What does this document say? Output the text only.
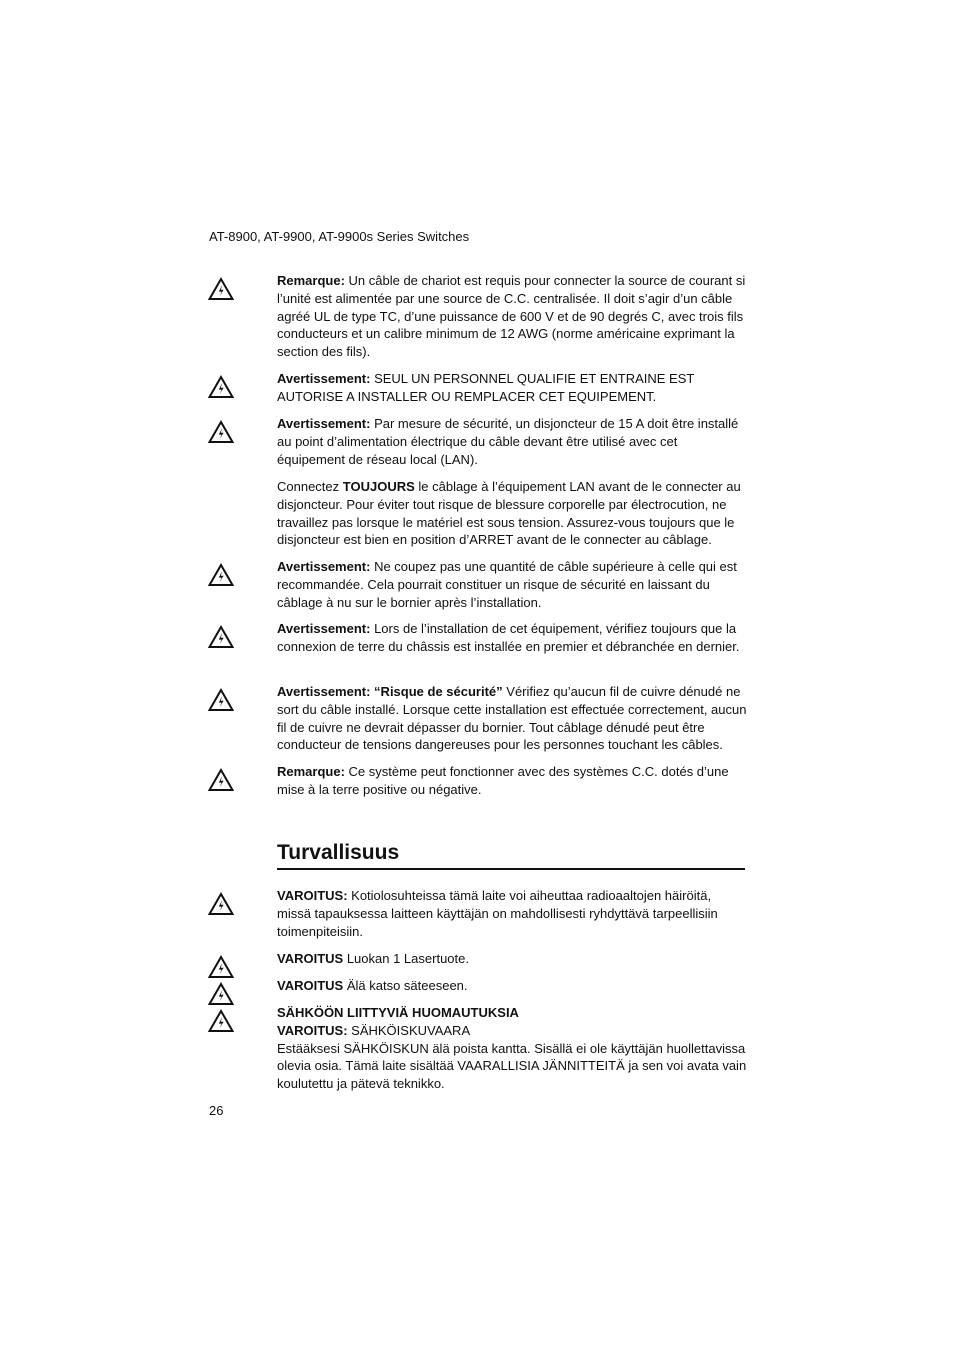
AT-8900, AT-9900, AT-9900s Series Switches
Remarque: Un câble de chariot est requis pour connecter la source de courant si l’unité est alimentée par une source de C.C. centralisée. Il doit s’agir d’un câble agréé UL de type TC, d’une puissance de 600 V et de 90 degrés C, avec trois fils conducteurs et un calibre minimum de 12 AWG (norme américaine exprimant la section des fils).
Avertissement: SEUL UN PERSONNEL QUALIFIE ET ENTRAINE EST AUTORISE A INSTALLER OU REMPLACER CET EQUIPEMENT.
Avertissement: Par mesure de sécurité, un disjoncteur de 15 A doit être installé au point d’alimentation électrique du câble devant être utilisé avec cet équipement de réseau local (LAN).
Connectez TOUJOURS le câblage à l’équipement LAN avant de le connecter au disjoncteur. Pour éviter tout risque de blessure corporelle par électrocution, ne travaillez pas lorsque le matériel est sous tension. Assurez-vous toujours que le disjoncteur est bien en position d’ARRET avant de le connecter au câblage.
Avertissement: Ne coupez pas une quantité de câble supérieure à celle qui est recommandée. Cela pourrait constituer un risque de sécurité en laissant du câblage à nu sur le bornier après l’installation.
Avertissement: Lors de l’installation de cet équipement, vérifiez toujours que la connexion de terre du châssis est installée en premier et débranchée en dernier.
Avertissement: “Risque de sécurité” Vérifiez qu’aucun fil de cuivre dénudé ne sort du câble installé. Lorsque cette installation est effectuée correctement, aucun fil de cuivre ne devrait dépasser du bornier. Tout câblage dénudé peut être conducteur de tensions dangereuses pour les personnes touchant les câbles.
Remarque: Ce système peut fonctionner avec des systèmes C.C. dotés d’une mise à la terre positive ou négative.
Turvallisuus
VAROITUS: Kotiolosuhteissa tämä laite voi aiheuttaa radioaaltojen häiröitä, missä tapauksessa laitteen käyttäjän on mahdollisesti ryhdyttävä tarpeellisiin toimenpiteisiin.
VAROITUS Luokan 1 Lasertuote.
VAROITUS Älä katso säteeseen.
SÄHKÖÖN LIITTYVIÄ HUOMAUTUKSIA
VAROITUS: SÄHKÖISKUVAARA
Estääksesi SÄHKÖISKUN älä poista kantta. Sisällä ei ole käyttäjän huollettavissa olevia osia. Tämä laite sisältää VAARALLISIA JÄNNITTEITÄ ja sen voi avata vain koulutettu ja pätevä teknikko.
26
